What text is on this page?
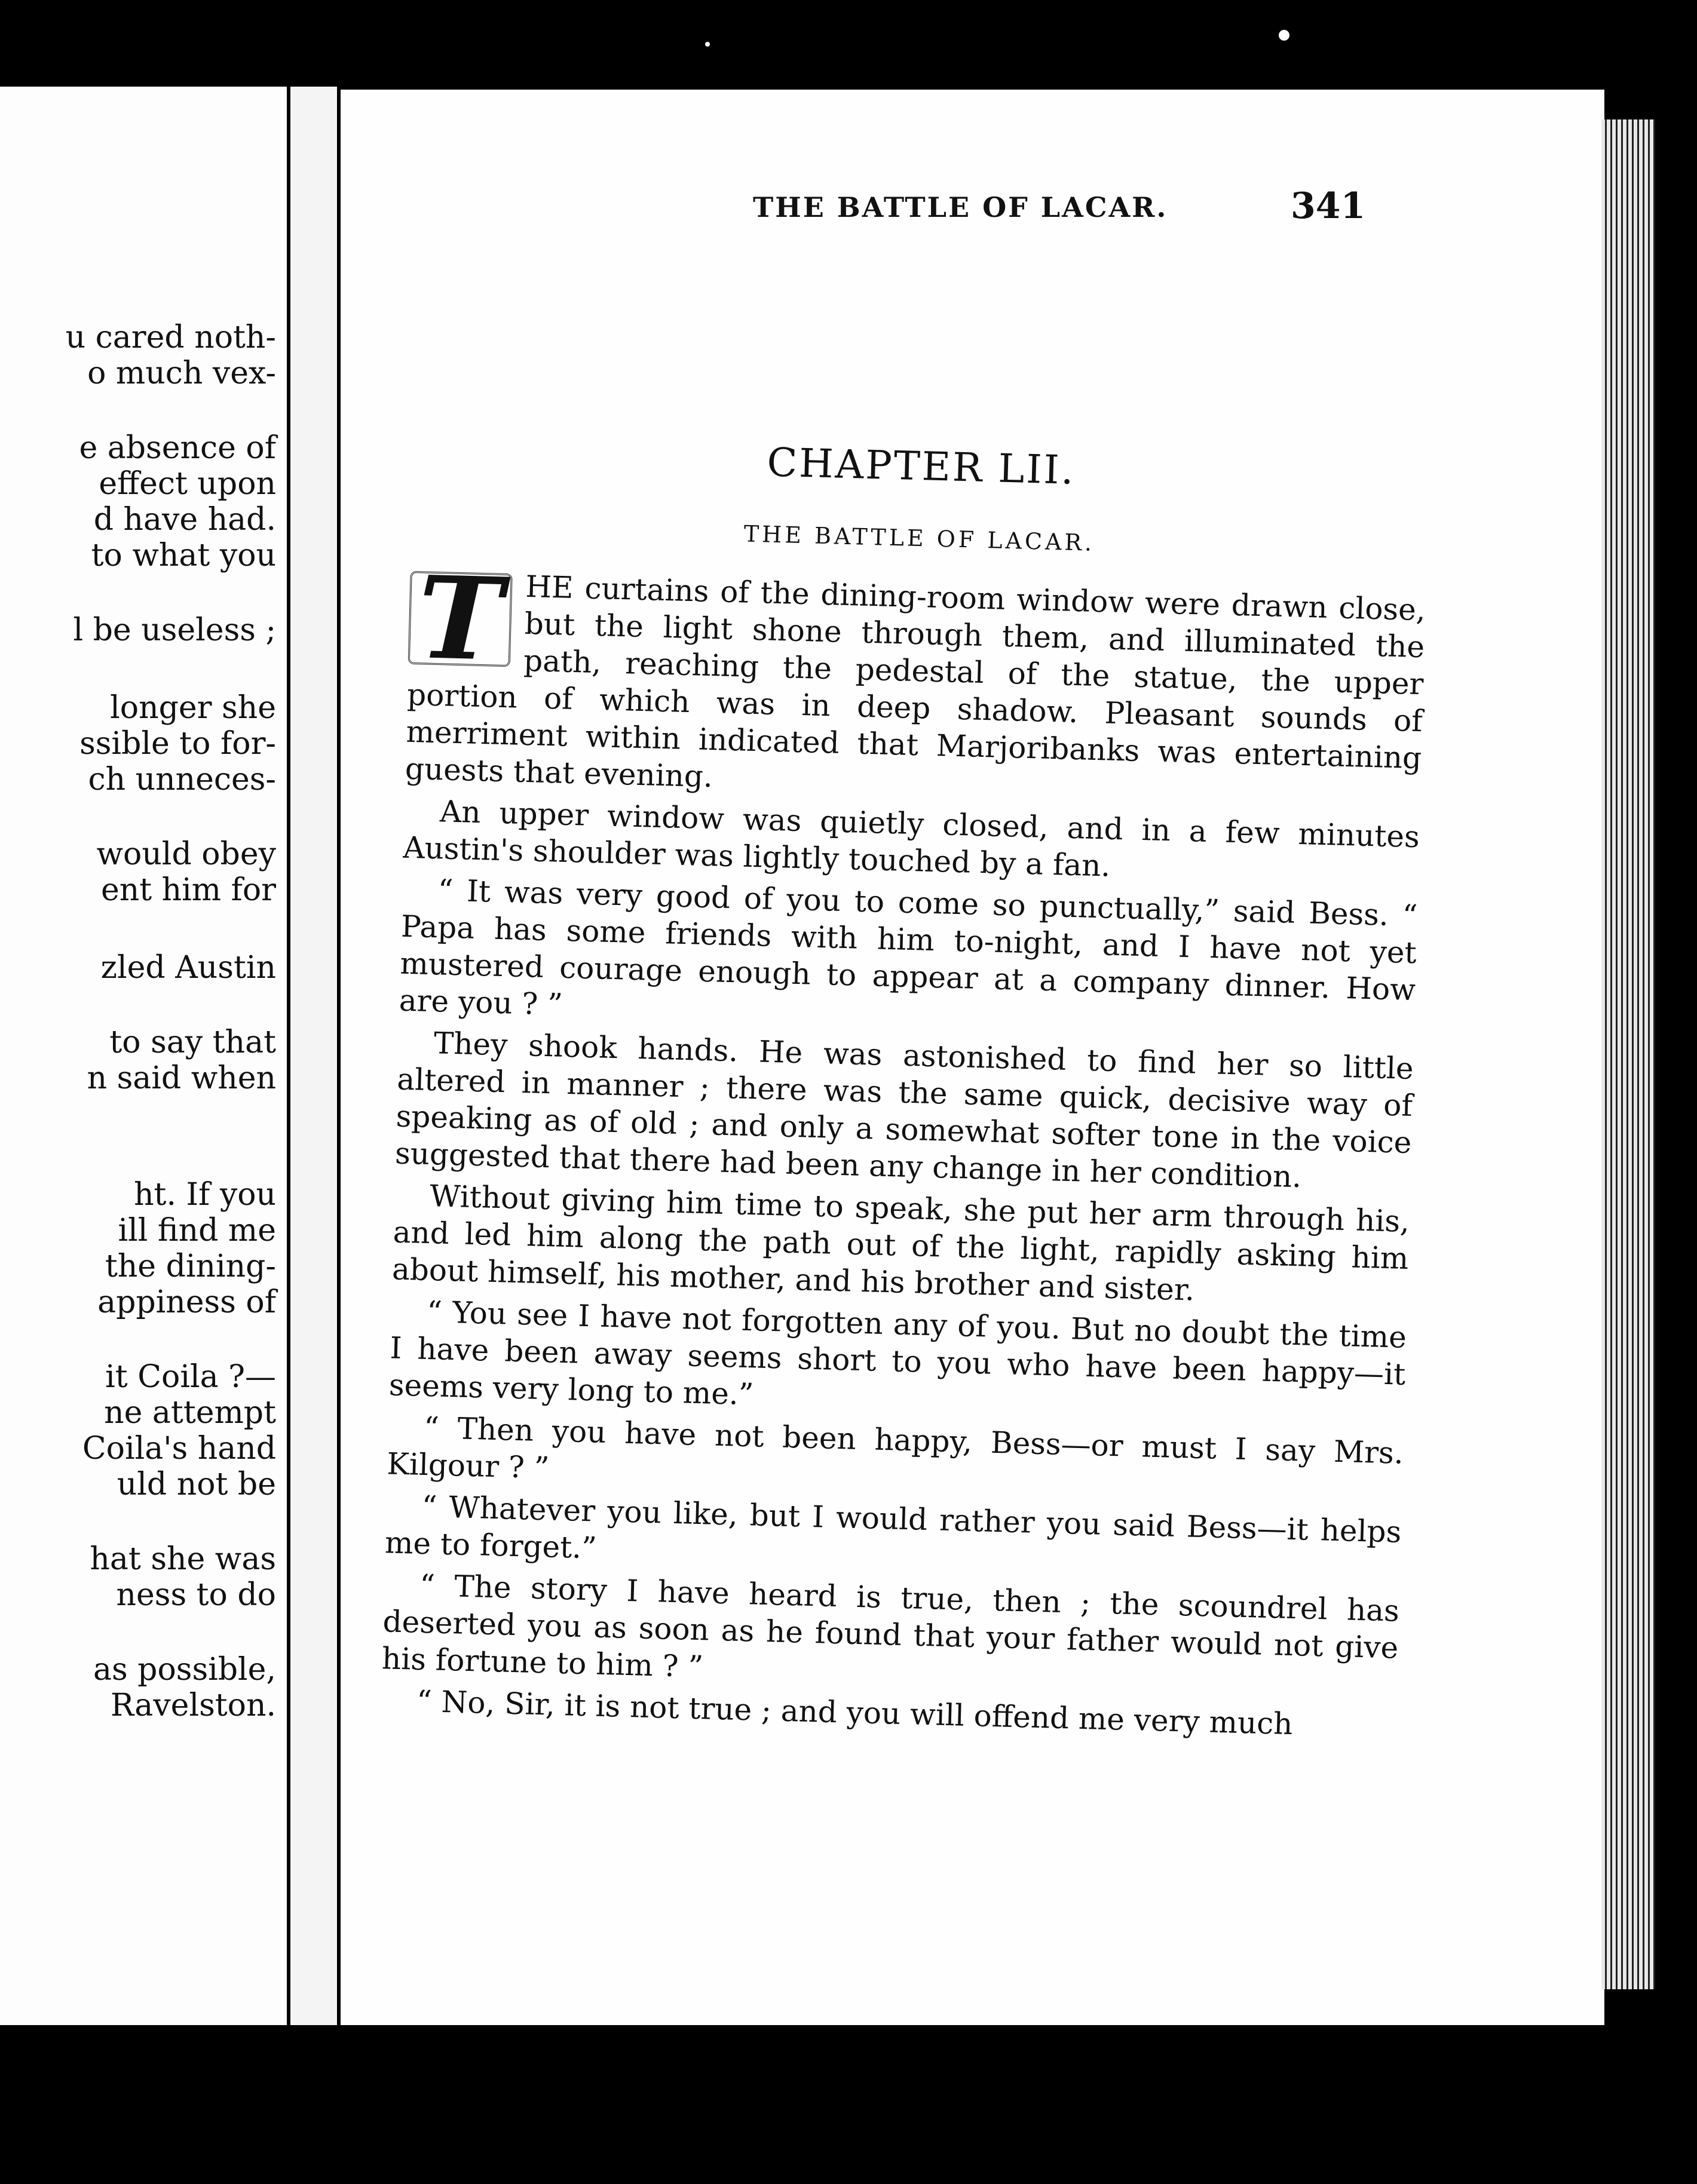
u cared noth-
o much vex-
e absence of
effect upon
d have had.
to what you
l be useless ;
longer she
ssible to for-
ch unneces-
would obey
ent him for
zled Austin
to say that
n said when
ht. If you
ill find me
the dining-
appiness of
it Coila ?—
ne attempt
Coila's hand
uld not be
hat she was
ness to do
as possible,
Ravelston.
THE BATTLE OF LACAR.	341
CHAPTER LII.
THE BATTLE OF LACAR.

T HE curtains of the dining-room window were drawn close, but the light shone through them, and illuminated the path, reaching the pedestal of the statue, the upper portion of which was in deep shadow. Pleasant sounds of merriment within indicated that Marjoribanks was entertaining guests that evening.

An upper window was quietly closed, and in a few minutes Austin's shoulder was lightly touched by a fan.

“ It was very good of you to come so punctually,” said Bess. “ Papa has some friends with him to-night, and I have not yet mustered courage enough to appear at a company dinner. How are you ? ”

They shook hands. He was astonished to find her so little altered in manner ; there was the same quick, decisive way of speaking as of old ; and only a somewhat softer tone in the voice suggested that there had been any change in her condition.

Without giving him time to speak, she put her arm through his, and led him along the path out of the light, rapidly asking him about himself, his mother, and his brother and sister.

“ You see I have not forgotten any of you. But no doubt the time I have been away seems short to you who have been happy—it seems very long to me.”

“ Then you have not been happy, Bess—or must I say Mrs. Kilgour ? ”

“ Whatever you like, but I would rather you said Bess—it helps me to forget.”

“ The story I have heard is true, then ; the scoundrel has deserted you as soon as he found that your father would not give his fortune to him ? ”

“ No, Sir, it is not true ; and you will offend me very much
